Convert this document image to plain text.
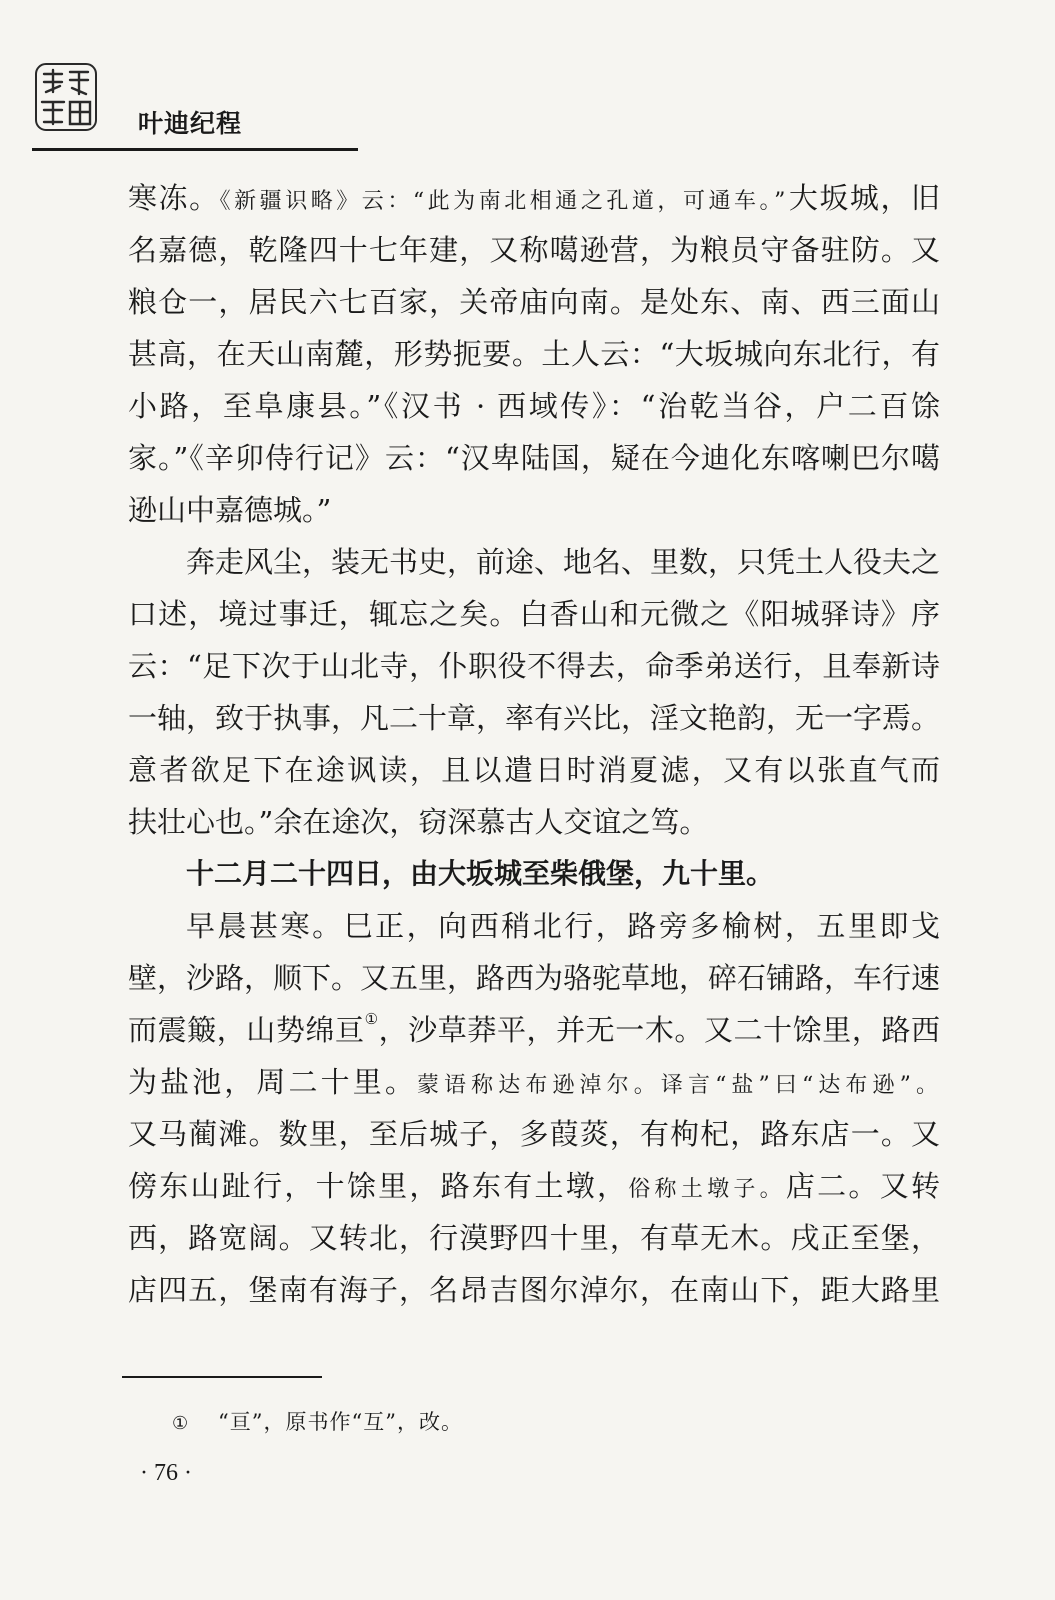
叶迪纪程
寒冻。《新疆识略》云：“此为南北相通之孔道，可通车。”大坂城，旧
名嘉德，乾隆四十七年建，又称噶逊营，为粮员守备驻防。又
粮仓一，居民六七百家，关帝庙向南。是处东、南、西三面山
甚高，在天山南麓，形势扼要。土人云：“大坂城向东北行，有
小路，至阜康县。”《汉书 · 西域传》：“治乾当谷，户二百馀
家。”《辛卯侍行记》云：“汉卑陆国，疑在今迪化东喀喇巴尔噶
逊山中嘉德城。”
奔走风尘，装无书史，前途、地名、里数，只凭土人役夫之
口述，境过事迁，辄忘之矣。白香山和元微之《阳城驿诗》序
云：“足下次于山北寺，仆职役不得去，命季弟送行，且奉新诗
一轴，致于执事，凡二十章，率有兴比，淫文艳韵，无一字焉。
意者欲足下在途讽读，且以遣日时消夏滤，又有以张直气而
扶壮心也。”余在途次，窃深慕古人交谊之笃。
十二月二十四日，由大坂城至柴俄堡，九十里。
早晨甚寒。巳正，向西稍北行，路旁多榆树，五里即戈
壁，沙路，顺下。又五里，路西为骆驼草地，碎石铺路，车行速
而震簸，山势绵亘①，沙草莽平，并无一木。又二十馀里，路西
为盐池，周二十里。蒙语称达布逊淖尔。译言“盐”曰“达布逊”。
又马蔺滩。数里，至后城子，多葭菼，有枸杞，路东店一。又
傍东山趾行，十馀里，路东有土墩，俗称土墩子。店二。又转
西，路宽阔。又转北，行漠野四十里，有草无木。戌正至堡，
店四五，堡南有海子，名昂吉图尔淖尔，在南山下，距大路里
① “亘”，原书作“互”，改。
· 76 ·
